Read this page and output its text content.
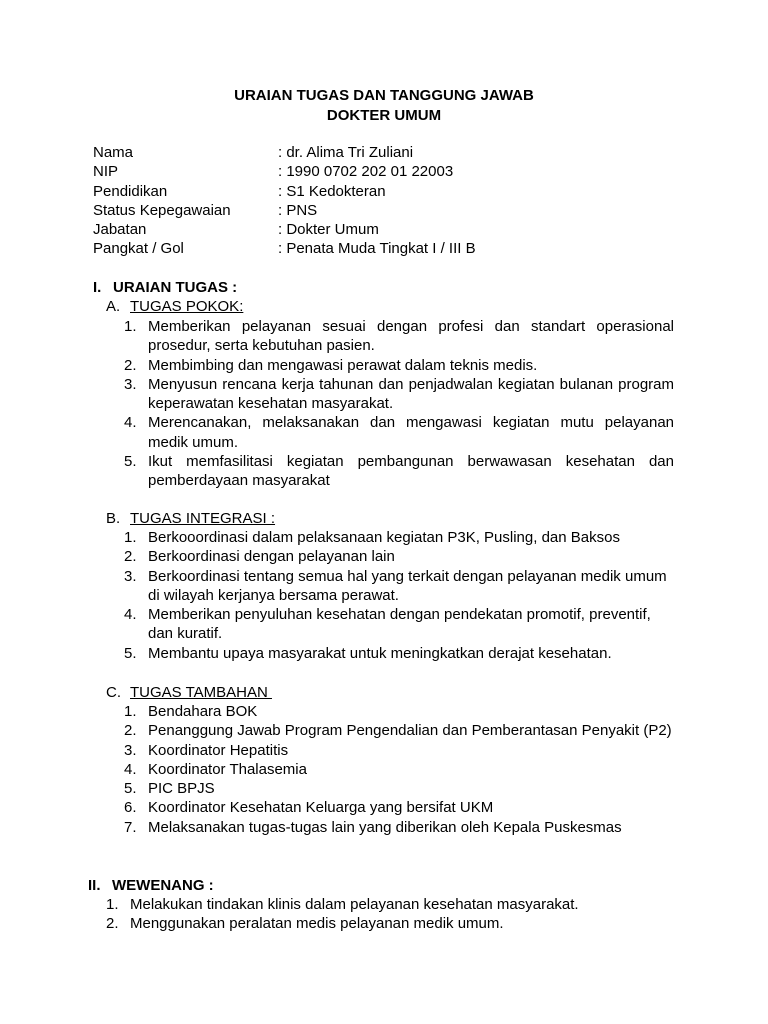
URAIAN TUGAS DAN TANGGUNG JAWAB
DOKTER UMUM
Nama	: dr. Alima Tri Zuliani
NIP	: 1990 0702 202 01 22003
Pendidikan	: S1 Kedokteran
Status Kepegawaian	: PNS
Jabatan	: Dokter Umum
Pangkat / Gol	: Penata Muda Tingkat I / III B
I. URAIAN TUGAS :
A. TUGAS POKOK:
1. Memberikan pelayanan sesuai dengan profesi dan standart operasional prosedur, serta kebutuhan pasien.
2. Membimbing dan mengawasi perawat dalam teknis medis.
3. Menyusun rencana kerja tahunan dan penjadwalan kegiatan bulanan program keperawatan kesehatan masyarakat.
4. Merencanakan, melaksanakan dan mengawasi kegiatan mutu pelayanan medik umum.
5. Ikut memfasilitasi kegiatan pembangunan berwawasan kesehatan dan pemberdayaan masyarakat
B. TUGAS INTEGRASI :
1. Berkooordinasi dalam pelaksanaan kegiatan P3K, Pusling, dan Baksos
2. Berkoordinasi dengan pelayanan lain
3. Berkoordinasi tentang semua hal yang terkait dengan pelayanan medik umum di wilayah kerjanya bersama perawat.
4. Memberikan penyuluhan kesehatan dengan pendekatan promotif, preventif, dan kuratif.
5. Membantu upaya masyarakat untuk meningkatkan derajat kesehatan.
C. TUGAS TAMBAHAN
1. Bendahara BOK
2. Penanggung Jawab Program Pengendalian dan Pemberantasan Penyakit (P2)
3. Koordinator Hepatitis
4. Koordinator Thalasemia
5. PIC BPJS
6. Koordinator Kesehatan Keluarga yang bersifat UKM
7. Melaksanakan tugas-tugas lain yang diberikan oleh Kepala Puskesmas
II. WEWENANG :
1. Melakukan tindakan klinis dalam pelayanan kesehatan masyarakat.
2. Menggunakan peralatan medis pelayanan medik umum.
